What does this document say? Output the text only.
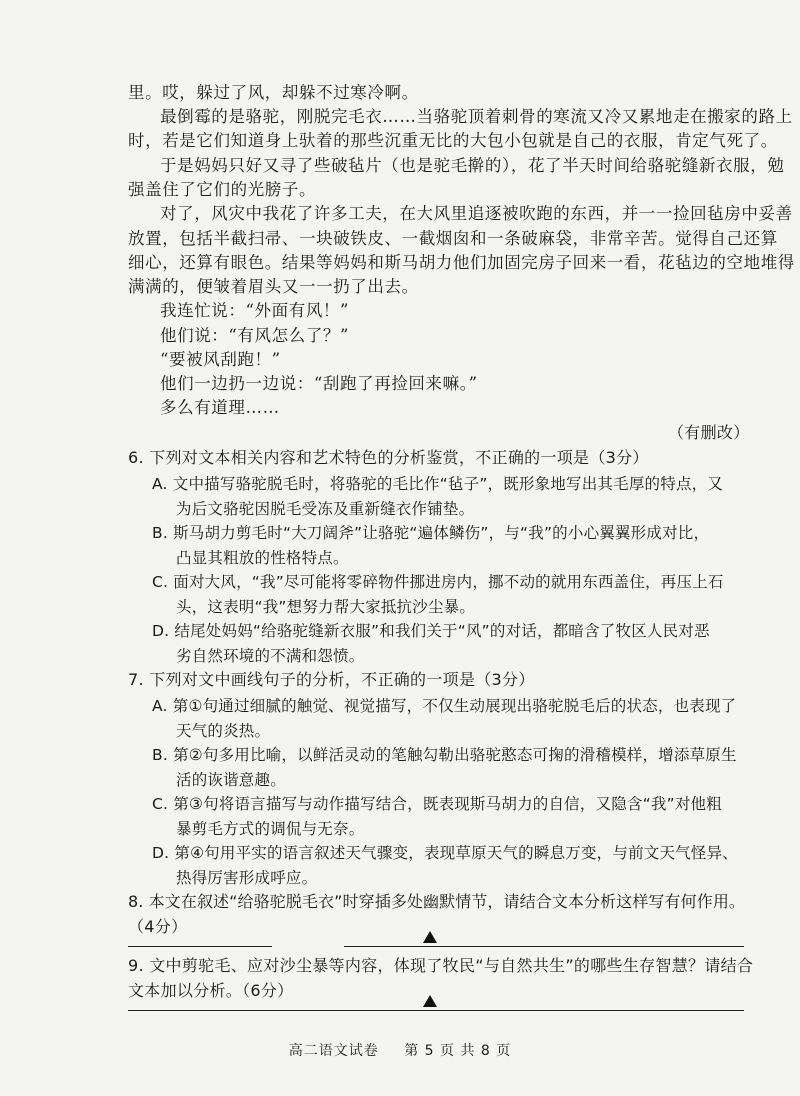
里。哎，躲过了风，却躲不过寒冷啊。
最倒霉的是骆驼，刚脱完毛衣……当骆驼顶着刺骨的寒流又冷又累地走在搬家的路上
时，若是它们知道身上驮着的那些沉重无比的大包小包就是自己的衣服，肯定气死了。
于是妈妈只好又寻了些破毡片（也是驼毛擀的），花了半天时间给骆驼缝新衣服，勉
强盖住了它们的光膀子。
对了，风灾中我花了许多工夫，在大风里追逐被吹跑的东西，并一一捡回毡房中妥善
放置，包括半截扫帚、一块破铁皮、一截烟囱和一条破麻袋，非常辛苦。觉得自己还算
细心，还算有眼色。结果等妈妈和斯马胡力他们加固完房子回来一看，花毡边的空地堆得
满满的，便皱着眉头又一一扔了出去。
我连忙说：“外面有风！”
他们说：“有风怎么了？”
“要被风刮跑！”
他们一边扔一边说：“刮跑了再捡回来嘛。”
多么有道理……
（有删改）
6. 下列对文本相关内容和艺术特色的分析鉴赏，不正确的一项是（3分）
A. 文中描写骆驼脱毛时，将骆驼的毛比作“毡子”，既形象地写出其毛厚的特点，又
为后文骆驼因脱毛受冻及重新缝衣作铺垫。
B. 斯马胡力剪毛时“大刀阔斧”让骆驼“遍体鳞伤”，与“我”的小心翼翼形成对比，
凸显其粗放的性格特点。
C. 面对大风，“我”尽可能将零碎物件挪进房内，挪不动的就用东西盖住，再压上石
头，这表明“我”想努力帮大家抵抗沙尘暴。
D. 结尾处妈妈“给骆驼缝新衣服”和我们关于“风”的对话，都暗含了牧区人民对恶
劣自然环境的不满和怨愤。
7. 下列对文中画线句子的分析，不正确的一项是（3分）
A. 第①句通过细腻的触觉、视觉描写，不仅生动展现出骆驼脱毛后的状态，也表现了
天气的炎热。
B. 第②句多用比喻，以鲜活灵动的笔触勾勒出骆驼憨态可掬的滑稽模样，增添草原生
活的诙谐意趣。
C. 第③句将语言描写与动作描写结合，既表现斯马胡力的自信，又隐含“我”对他粗
暴剪毛方式的调侃与无奈。
D. 第④句用平实的语言叙述天气骤变，表现草原天气的瞬息万变，与前文天气怪异、
热得厉害形成呼应。
8. 本文在叙述“给骆驼脱毛衣”时穿插多处幽默情节，请结合文本分析这样写有何作用。
（4分）
9. 文中剪驼毛、应对沙尘暴等内容，体现了牧民“与自然共生”的哪些生存智慧？请结合
文本加以分析。（6分）
高二语文试卷 第 5 页 共 8 页
